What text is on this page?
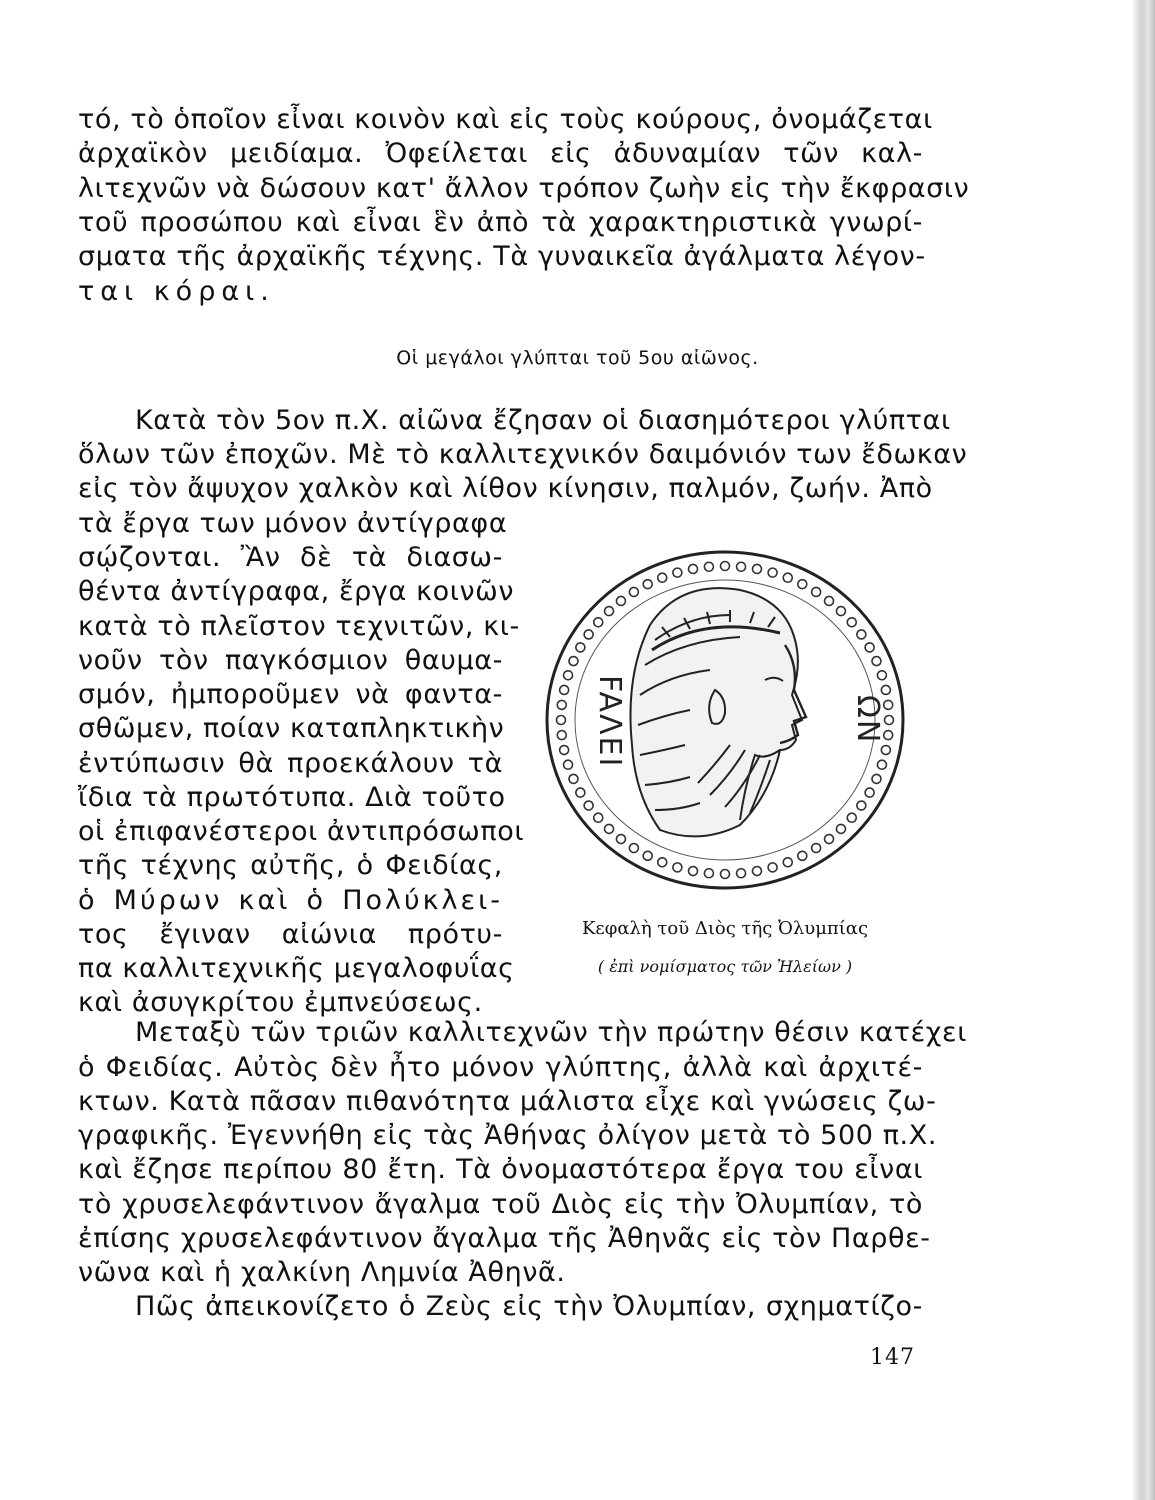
τό, τὸ ὁποῖον εἶναι κοινὸν καὶ εἰς τοὺς κούρους, ὀνομάζεται
ἀρχαϊκὸν μειδίαμα. Ὀφείλεται εἰς ἀδυναμίαν τῶν καλ-
λιτεχνῶν νὰ δώσουν κατ' ἄλλον τρόπον ζωὴν εἰς τὴν ἔκφρασιν
τοῦ προσώπου καὶ εἶναι ἓν ἀπὸ τὰ χαρακτηριστικὰ γνωρί-
σματα τῆς ἀρχαϊκῆς τέχνης. Τὰ γυναικεῖα ἀγάλματα λέγον-
ται κόραι.
Οἱ μεγάλοι γλύπται τοῦ 5ου αἰῶνος.
Κατὰ τὸν 5ον π.Χ. αἰῶνα ἔζησαν οἱ διασημότεροι γλύπται
ὅλων τῶν ἐποχῶν. Μὲ τὸ καλλιτεχνικόν δαιμόνιόν των ἔδωκαν
εἰς τὸν ἄψυχον χαλκὸν καὶ λίθον κίνησιν, παλμόν, ζωήν. Ἀπὸ
τὰ ἔργα των μόνον ἀντίγραφα
σῴζονται. Ἂν δὲ τὰ διασω-
θέντα ἀντίγραφα, ἔργα κοινῶν
κατὰ τὸ πλεῖστον τεχνιτῶν, κι-
νοῦν τὸν παγκόσμιον θαυμα-
σμόν, ἠμποροῦμεν νὰ φαντα-
σθῶμεν, ποίαν καταπληκτικὴν
ἐντύπωσιν θὰ προεκάλουν τὰ
ἴδια τὰ πρωτότυπα. Διὰ τοῦτο
οἱ ἐπιφανέστεροι ἀντιπρόσωποι
τῆς τέχνης αὐτῆς, ὁ Φειδίας,
ὁ Μύρων καὶ ὁ Πολύκλει-
τος ἔγιναν αἰώνια πρότυ-
πα καλλιτεχνικῆς μεγαλοφυΐας
καὶ ἀσυγκρίτου ἐμπνεύσεως.
FAΛEI	ΩN
Κεφαλὴ τοῦ Διὸς τῆς Ὀλυμπίας
( ἐπὶ νομίσματος τῶν Ἠλείων )
Μεταξὺ τῶν τριῶν καλλιτεχνῶν τὴν πρώτην θέσιν κατέχει
ὁ Φειδίας. Αὐτὸς δὲν ἦτο μόνον γλύπτης, ἀλλὰ καὶ ἀρχιτέ-
κτων. Κατὰ πᾶσαν πιθανότητα μάλιστα εἶχε καὶ γνώσεις ζω-
γραφικῆς. Ἐγεννήθη εἰς τὰς Ἀθήνας ὀλίγον μετὰ τὸ 500 π.Χ.
καὶ ἔζησε περίπου 80 ἔτη. Τὰ ὀνομαστότερα ἔργα του εἶναι
τὸ χρυσελεφάντινον ἄγαλμα τοῦ Διὸς εἰς τὴν Ὀλυμπίαν, τὸ
ἐπίσης χρυσελεφάντινον ἄγαλμα τῆς Ἀθηνᾶς εἰς τὸν Παρθε-
νῶνα καὶ ἡ χαλκίνη Λημνία Ἀθηνᾶ.
Πῶς ἀπεικονίζετο ὁ Ζεὺς εἰς τὴν Ὀλυμπίαν, σχηματίζο-
147
